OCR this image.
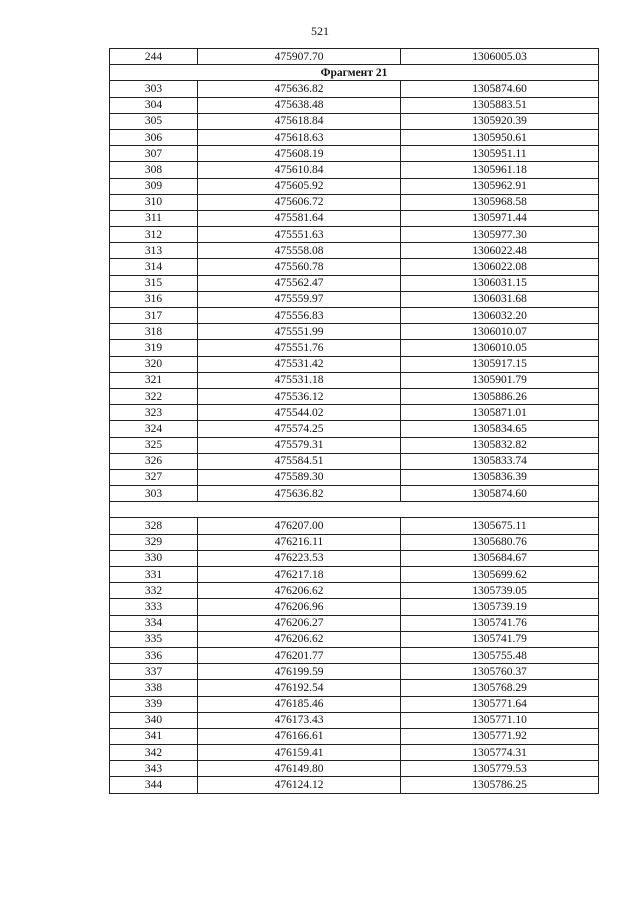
521
244	475907.70	1306005.03
Фрагмент 21		
303	475636.82	1305874.60
304	475638.48	1305883.51
305	475618.84	1305920.39
306	475618.63	1305950.61
307	475608.19	1305951.11
308	475610.84	1305961.18
309	475605.92	1305962.91
310	475606.72	1305968.58
311	475581.64	1305971.44
312	475551.63	1305977.30
313	475558.08	1306022.48
314	475560.78	1306022.08
315	475562.47	1306031.15
316	475559.97	1306031.68
317	475556.83	1306032.20
318	475551.99	1306010.07
319	475551.76	1306010.05
320	475531.42	1305917.15
321	475531.18	1305901.79
322	475536.12	1305886.26
323	475544.02	1305871.01
324	475574.25	1305834.65
325	475579.31	1305832.82
326	475584.51	1305833.74
327	475589.30	1305836.39
303	475636.82	1305874.60

328	476207.00	1305675.11
329	476216.11	1305680.76
330	476223.53	1305684.67
331	476217.18	1305699.62
332	476206.62	1305739.05
333	476206.96	1305739.19
334	476206.27	1305741.76
335	476206.62	1305741.79
336	476201.77	1305755.48
337	476199.59	1305760.37
338	476192.54	1305768.29
339	476185.46	1305771.64
340	476173.43	1305771.10
341	476166.61	1305771.92
342	476159.41	1305774.31
343	476149.80	1305779.53
344	476124.12	1305786.25
